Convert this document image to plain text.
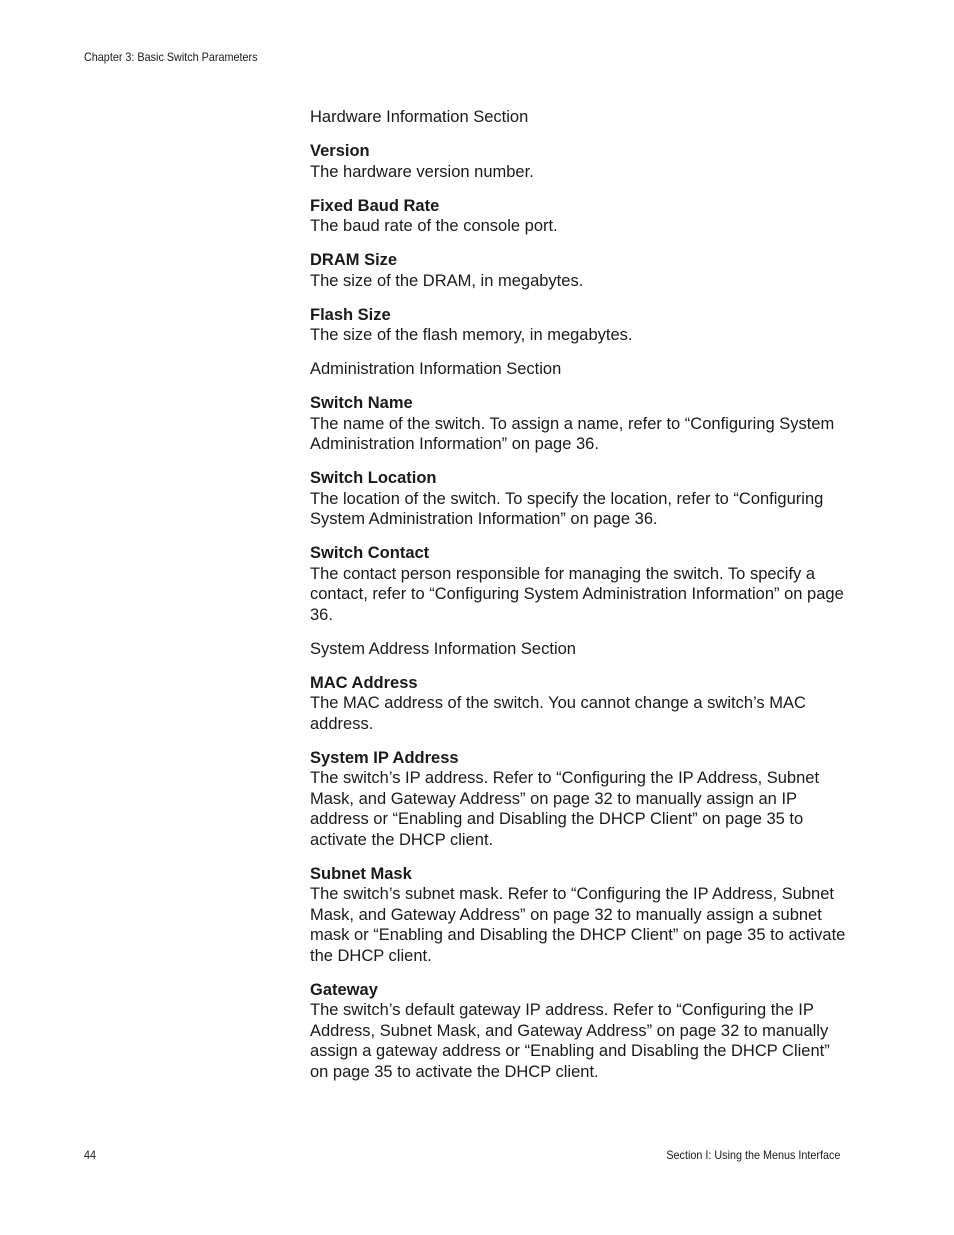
Chapter 3: Basic Switch Parameters
Hardware Information Section
Version
The hardware version number.
Fixed Baud Rate
The baud rate of the console port.
DRAM Size
The size of the DRAM, in megabytes.
Flash Size
The size of the flash memory, in megabytes.
Administration Information Section
Switch Name
The name of the switch. To assign a name, refer to “Configuring System Administration Information” on page 36.
Switch Location
The location of the switch. To specify the location, refer to “Configuring System Administration Information” on page 36.
Switch Contact
The contact person responsible for managing the switch. To specify a contact, refer to “Configuring System Administration Information” on page 36.
System Address Information Section
MAC Address
The MAC address of the switch. You cannot change a switch’s MAC address.
System IP Address
The switch’s IP address. Refer to “Configuring the IP Address, Subnet Mask, and Gateway Address” on page 32 to manually assign an IP address or “Enabling and Disabling the DHCP Client” on page 35 to activate the DHCP client.
Subnet Mask
The switch’s subnet mask. Refer to “Configuring the IP Address, Subnet Mask, and Gateway Address” on page 32 to manually assign a subnet mask or “Enabling and Disabling the DHCP Client” on page 35 to activate the DHCP client.
Gateway
The switch’s default gateway IP address. Refer to “Configuring the IP Address, Subnet Mask, and Gateway Address” on page 32 to manually assign a gateway address or “Enabling and Disabling the DHCP Client” on page 35 to activate the DHCP client.
44	Section I: Using the Menus Interface
